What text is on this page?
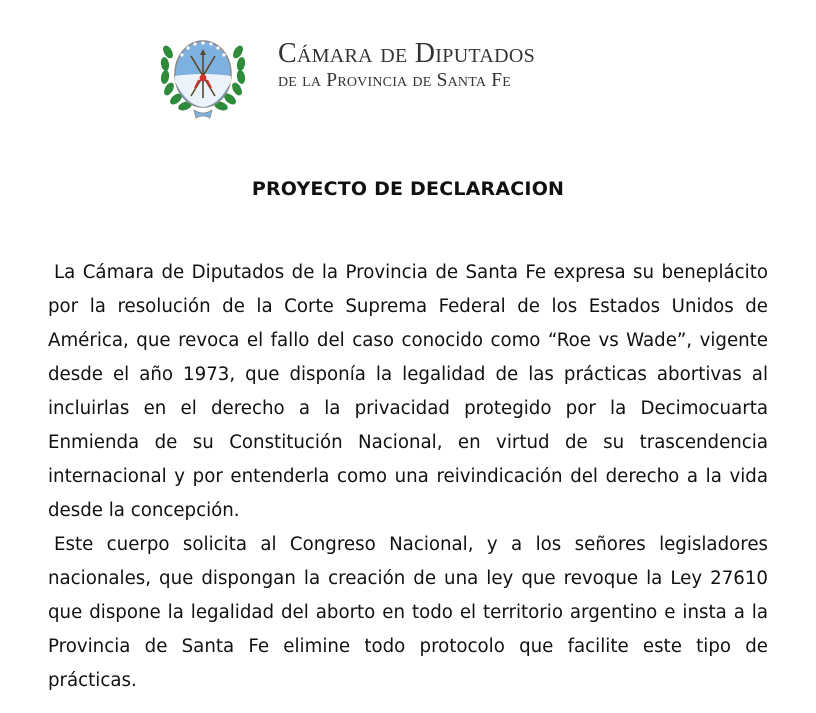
Cámara de Diputados
de la Provincia de Santa Fe
PROYECTO DE DECLARACION

La Cámara de Diputados de la Provincia de Santa Fe expresa su beneplácito por la resolución de la Corte Suprema Federal de los Estados Unidos de América, que revoca el fallo del caso conocido como “Roe vs Wade”, vigente desde el año 1973, que disponía la legalidad de las prácticas abortivas al incluirlas en el derecho a la privacidad protegido por la Decimocuarta Enmienda de su Constitución Nacional, en virtud de su trascendencia internacional y por entenderla como una reivindicación del derecho a la vida desde la concepción.

Este cuerpo solicita al Congreso Nacional, y a los señores legisladores nacionales, que dispongan la creación de una ley que revoque la Ley 27610 que dispone la legalidad del aborto en todo el territorio argentino e insta a la Provincia de Santa Fe elimine todo protocolo que facilite este tipo de prácticas.
